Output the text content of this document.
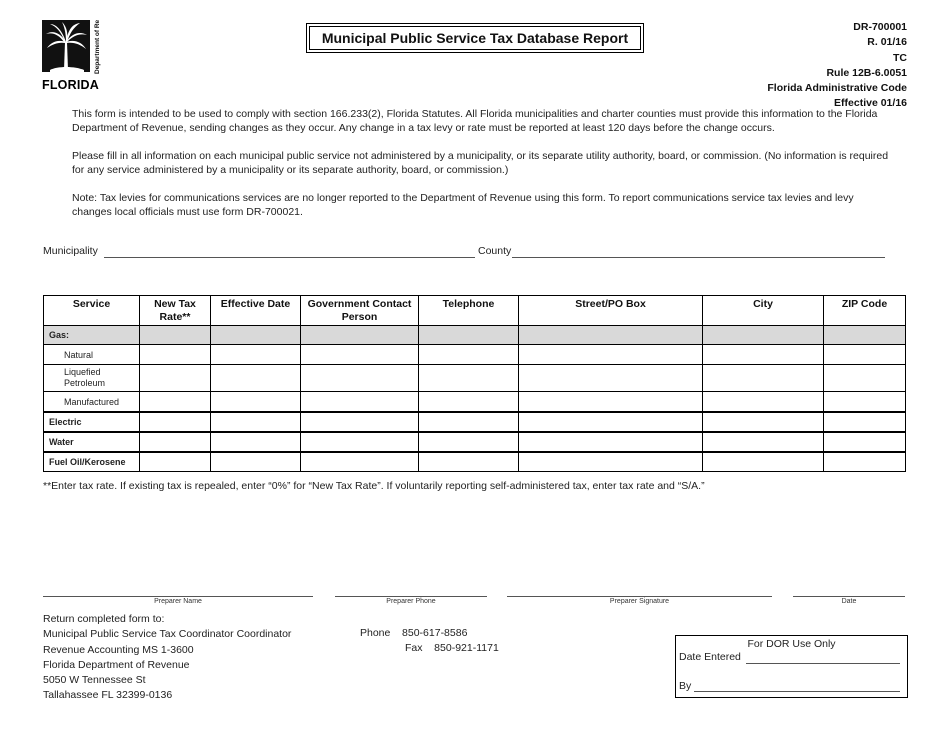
Department of Revenue
FLORIDA
Municipal Public Service Tax Database Report
DR-700001
R. 01/16
TC
Rule 12B-6.0051
Florida Administrative Code
Effective 01/16
This form is intended to be used to comply with section 166.233(2), Florida Statutes. All Florida municipalities and charter counties must provide this information to the Florida Department of Revenue, sending changes as they occur. Any change in a tax levy or rate must be reported at least 120 days before the change occurs.
Please fill in all information on each municipal public service not administered by a municipality, or its separate utility authority, board, or commission. (No information is required for any service administered by a municipality or its separate authority, board, or commission.)
Note: Tax levies for communications services are no longer reported to the Department of Revenue using this form. To report communications service tax levies and levy changes local officials must use form DR-700021.
Municipality	County
Service	New Tax Rate**	Effective Date	Government Contact Person	Telephone	Street/PO Box	City	ZIP Code
Gas:							
Natural							
Liquefied Petroleum							
Manufactured							
Electric							
Water							
Fuel Oil/Kerosene							
**Enter tax rate. If existing tax is repealed, enter “0%” for “New Tax Rate”. If voluntarily reporting self-administered tax, enter tax rate and “S/A.”
Preparer Name	Preparer Phone	Preparer Signature	Date
Return completed form to:
Municipal Public Service Tax Coordinator Coordinator
Revenue Accounting MS 1-3600
Florida Department of Revenue
5050 W Tennessee St
Tallahassee FL 32399-0136
Phone    850-617-8586
Fax    850-921-1171	For DOR Use Only
Date Entered
By
